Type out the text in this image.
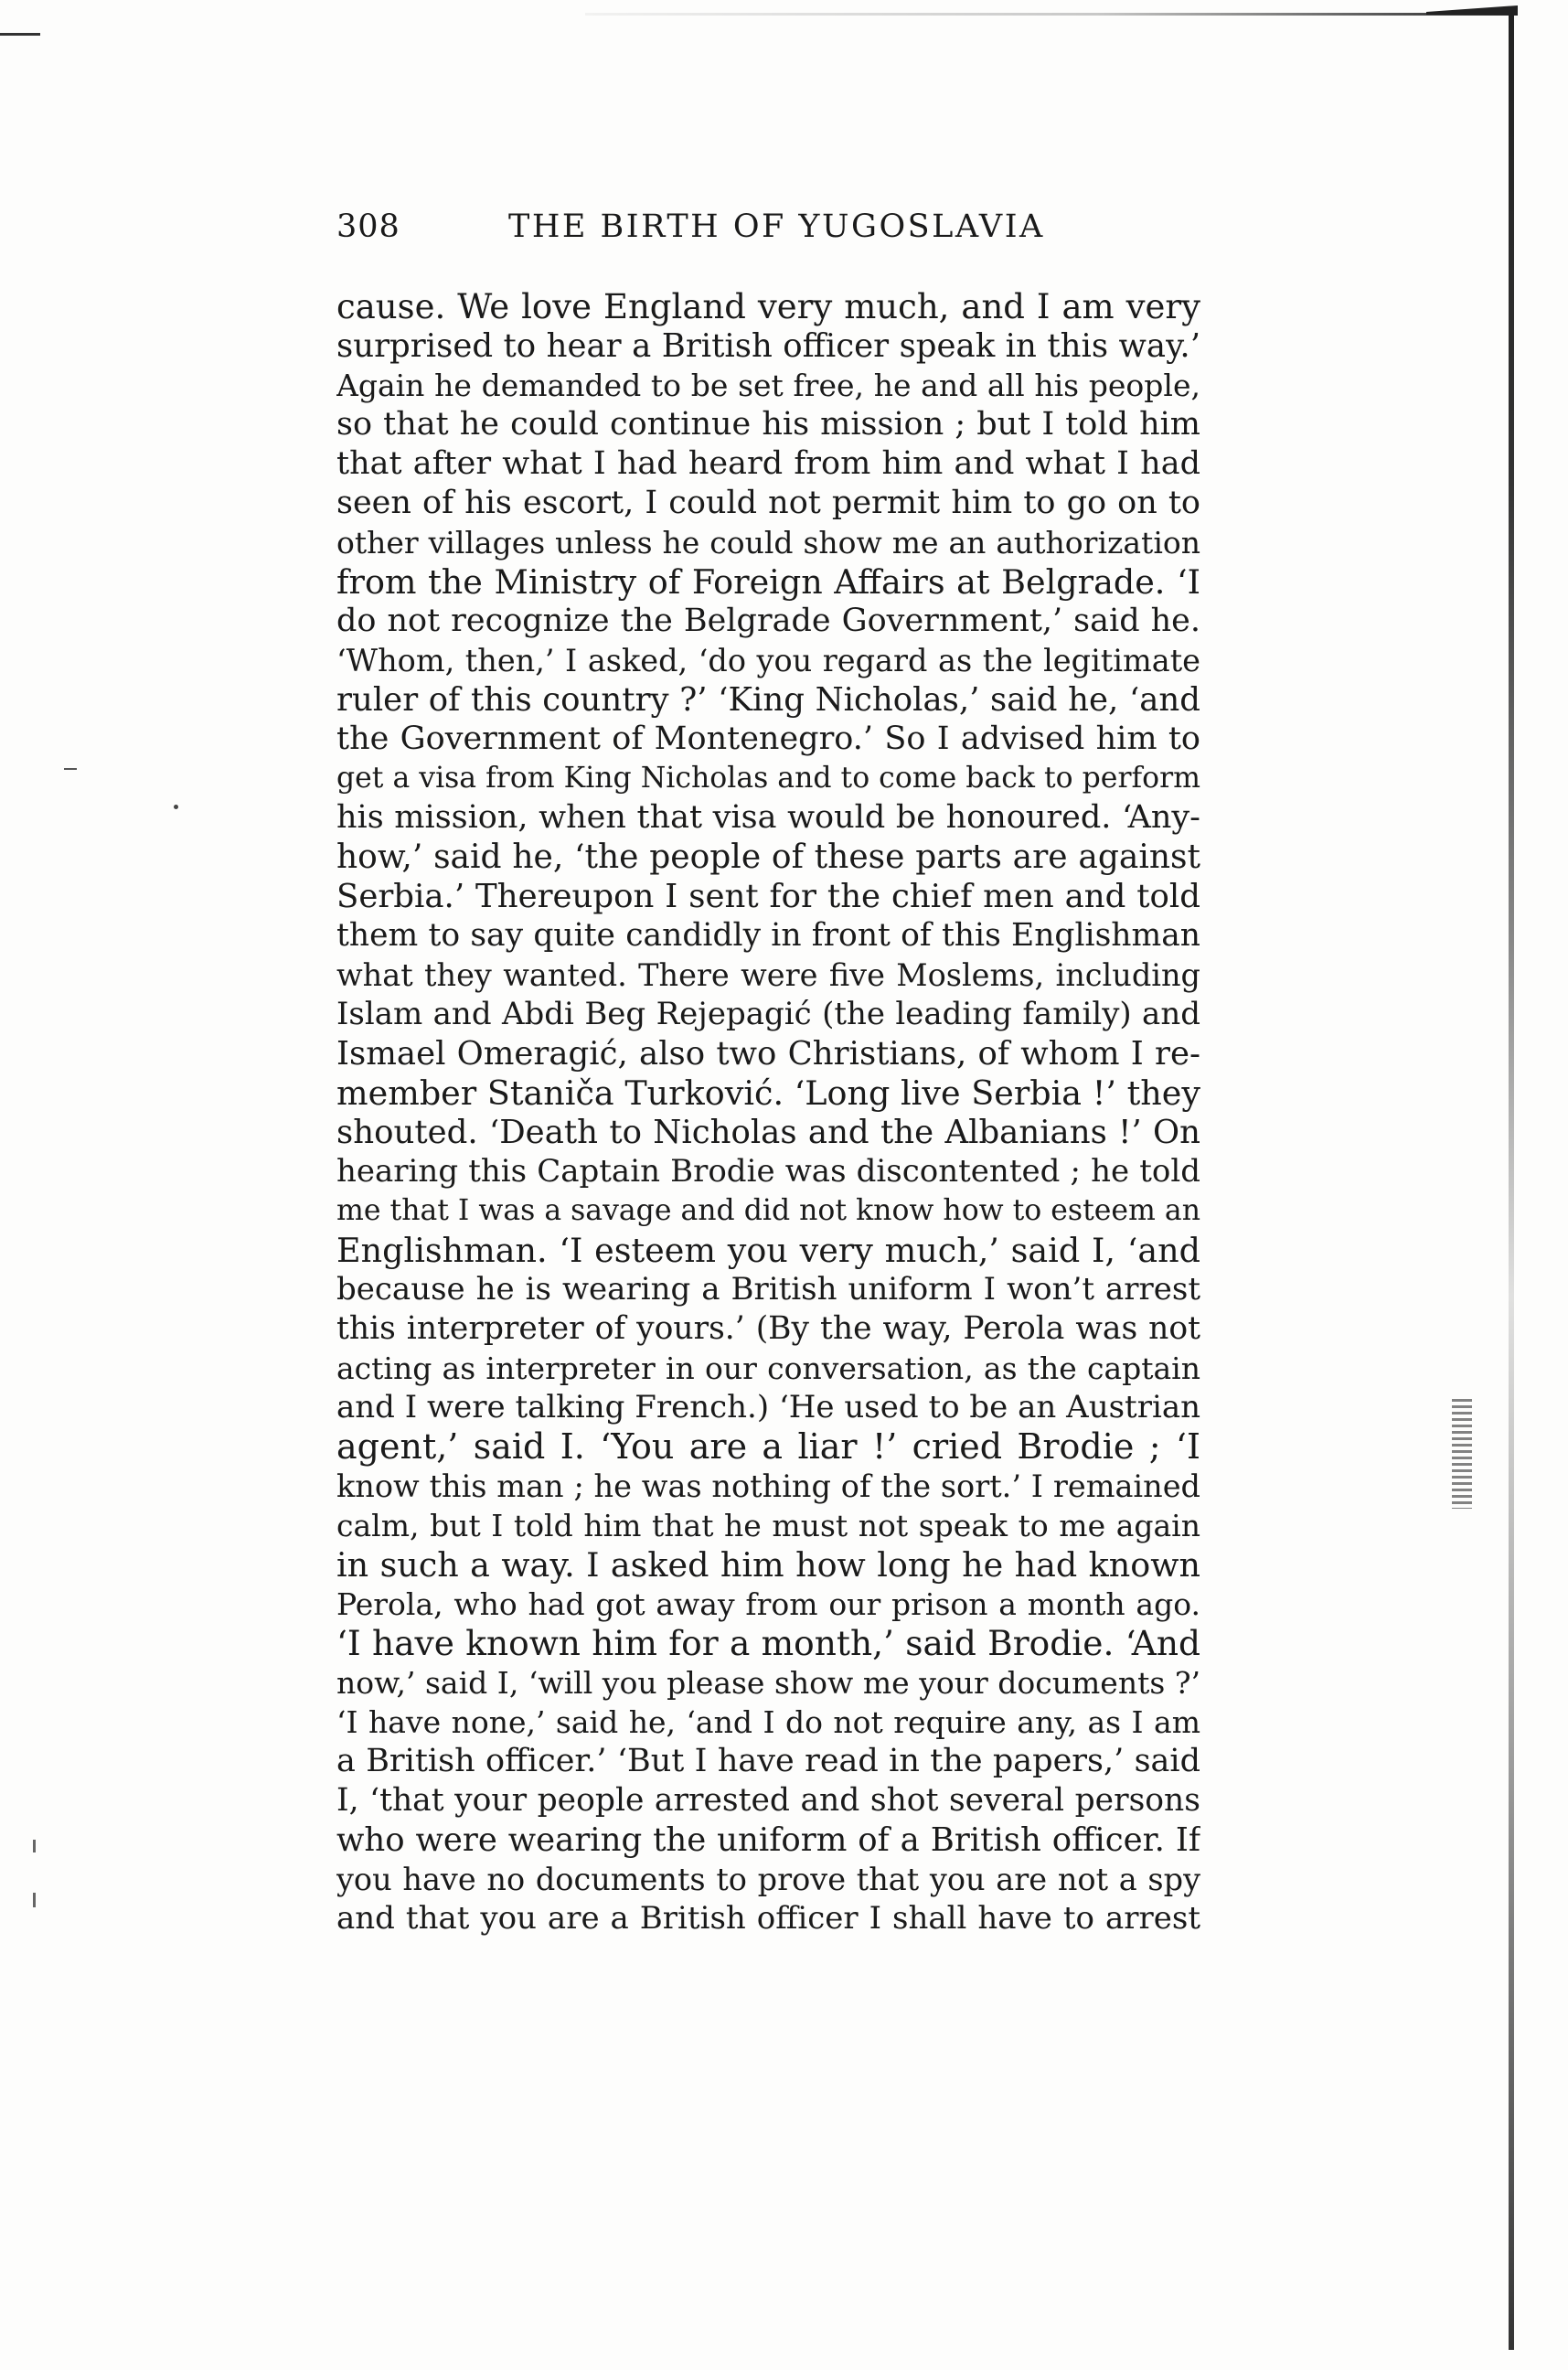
308	THE BIRTH OF YUGOSLAVIA
cause. We love England very much, and I am very
surprised to hear a British officer speak in this way.’
Again he demanded to be set free, he and all his people,
so that he could continue his mission ; but I told him
that after what I had heard from him and what I had
seen of his escort, I could not permit him to go on to
other villages unless he could show me an authorization
from the Ministry of Foreign Affairs at Belgrade. ‘I
do not recognize the Belgrade Government,’ said he.
‘Whom, then,’ I asked, ‘do you regard as the legitimate
ruler of this country ?’ ‘King Nicholas,’ said he, ‘and
the Government of Montenegro.’ So I advised him to
get a visa from King Nicholas and to come back to perform
his mission, when that visa would be honoured. ‘Any-
how,’ said he, ‘the people of these parts are against
Serbia.’ Thereupon I sent for the chief men and told
them to say quite candidly in front of this Englishman
what they wanted. There were five Moslems, including
Islam and Abdi Beg Rejepagić (the leading family) and
Ismael Omeragić, also two Christians, of whom I re-
member Staniča Turković. ‘Long live Serbia !’ they
shouted. ‘Death to Nicholas and the Albanians !’ On
hearing this Captain Brodie was discontented ; he told
me that I was a savage and did not know how to esteem an
Englishman. ‘I esteem you very much,’ said I, ‘and
because he is wearing a British uniform I won’t arrest
this interpreter of yours.’ (By the way, Perola was not
acting as interpreter in our conversation, as the captain
and I were talking French.) ‘He used to be an Austrian
agent,’ said I. ‘You are a liar !’ cried Brodie ; ‘I
know this man ; he was nothing of the sort.’ I remained
calm, but I told him that he must not speak to me again
in such a way. I asked him how long he had known
Perola, who had got away from our prison a month ago.
‘I have known him for a month,’ said Brodie. ‘And
now,’ said I, ‘will you please show me your documents ?’
‘I have none,’ said he, ‘and I do not require any, as I am
a British officer.’ ‘But I have read in the papers,’ said
I, ‘that your people arrested and shot several persons
who were wearing the uniform of a British officer. If
you have no documents to prove that you are not a spy
and that you are a British officer I shall have to arrest
